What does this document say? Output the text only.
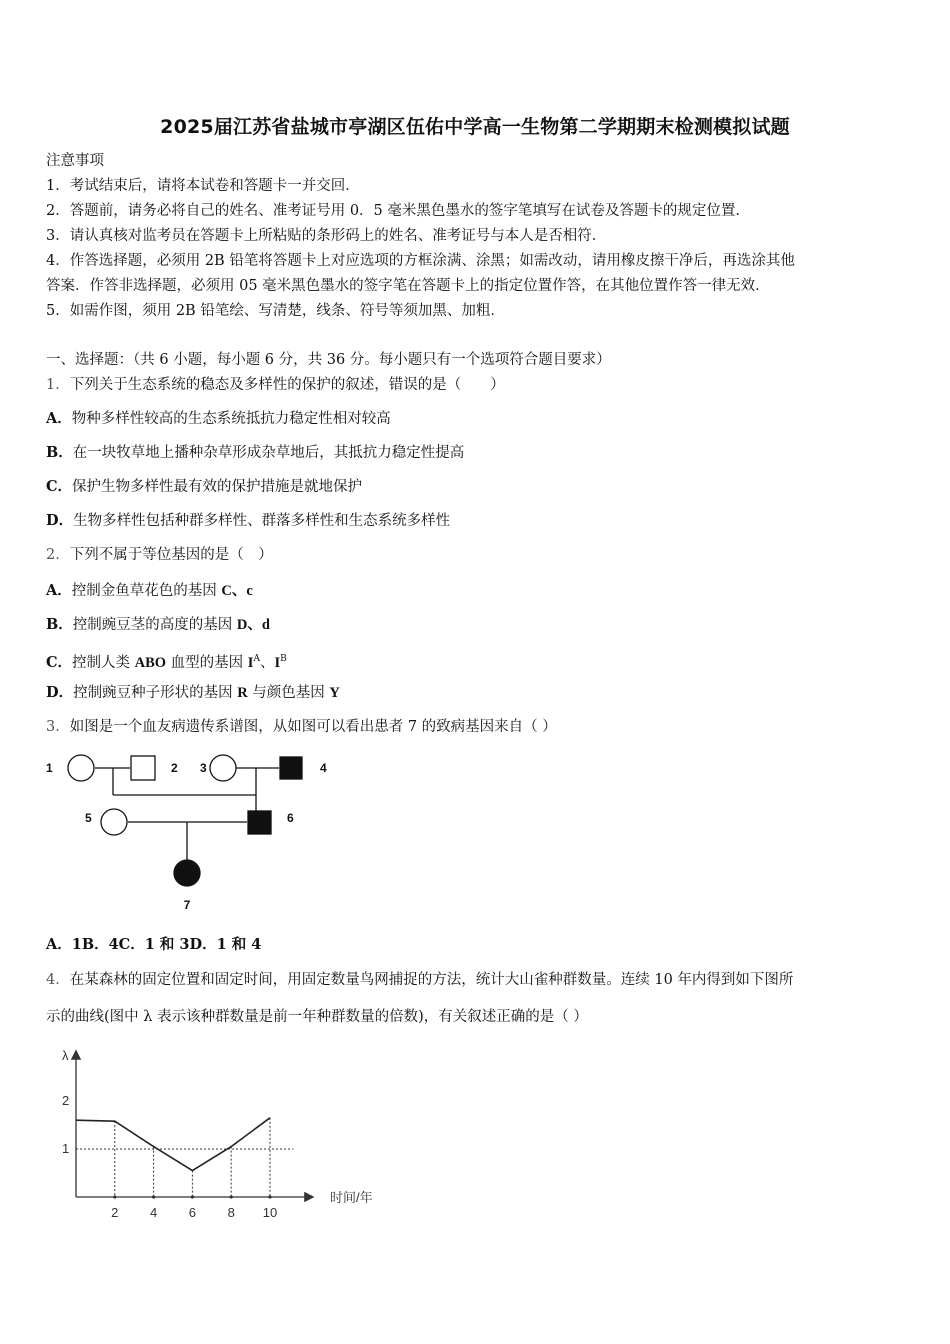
2025届江苏省盐城市亭湖区伍佑中学高一生物第二学期期末检测模拟试题
注意事项
1．考试结束后，请将本试卷和答题卡一并交回．
2．答题前，请务必将自己的姓名、准考证号用 0．5 毫米黑色墨水的签字笔填写在试卷及答题卡的规定位置．
3．请认真核对监考员在答题卡上所粘贴的条形码上的姓名、准考证号与本人是否相符．
4．作答选择题，必须用 2B 铅笔将答题卡上对应选项的方框涂满、涂黑；如需改动，请用橡皮擦干净后，再选涂其他
答案．作答非选择题，必须用 05 毫米黑色墨水的签字笔在答题卡上的指定位置作答，在其他位置作答一律无效．
5．如需作图，须用 2B 铅笔绘、写清楚，线条、符号等须加黑、加粗．
一、选择题：（共 6 小题，每小题 6 分，共 36 分。每小题只有一个选项符合题目要求）
1．下列关于生态系统的稳态及多样性的保护的叙述，错误的是（　　）
A．物种多样性较高的生态系统抵抗力稳定性相对较高
B．在一块牧草地上播种杂草形成杂草地后，其抵抗力稳定性提高
C．保护生物多样性最有效的保护措施是就地保护
D．生物多样性包括种群多样性、群落多样性和生态系统多样性
2．下列不属于等位基因的是（　）
A．控制金鱼草花色的基因 C、c
B．控制豌豆茎的高度的基因 D、d
C．控制人类 ABO 血型的基因 $I^A$、$I^B$
D．控制豌豆种子形状的基因 R 与颜色基因 Y
3．如图是一个血友病遗传系谱图，从如图可以看出患者 7 的致病基因来自（ ）
1	2 3	4
5	6
7
A．1B．4C．1 和 3D．1 和 4
4．在某森林的固定位置和固定时间，用固定数量鸟网捕捉的方法，统计大山雀种群数量。连续 10 年内得到如下图所
示的曲线(图中 λ 表示该种群数量是前一年种群数量的倍数)，有关叙述正确的是（ ）
λ
时间/年
2
1
2 4 6 8 10
